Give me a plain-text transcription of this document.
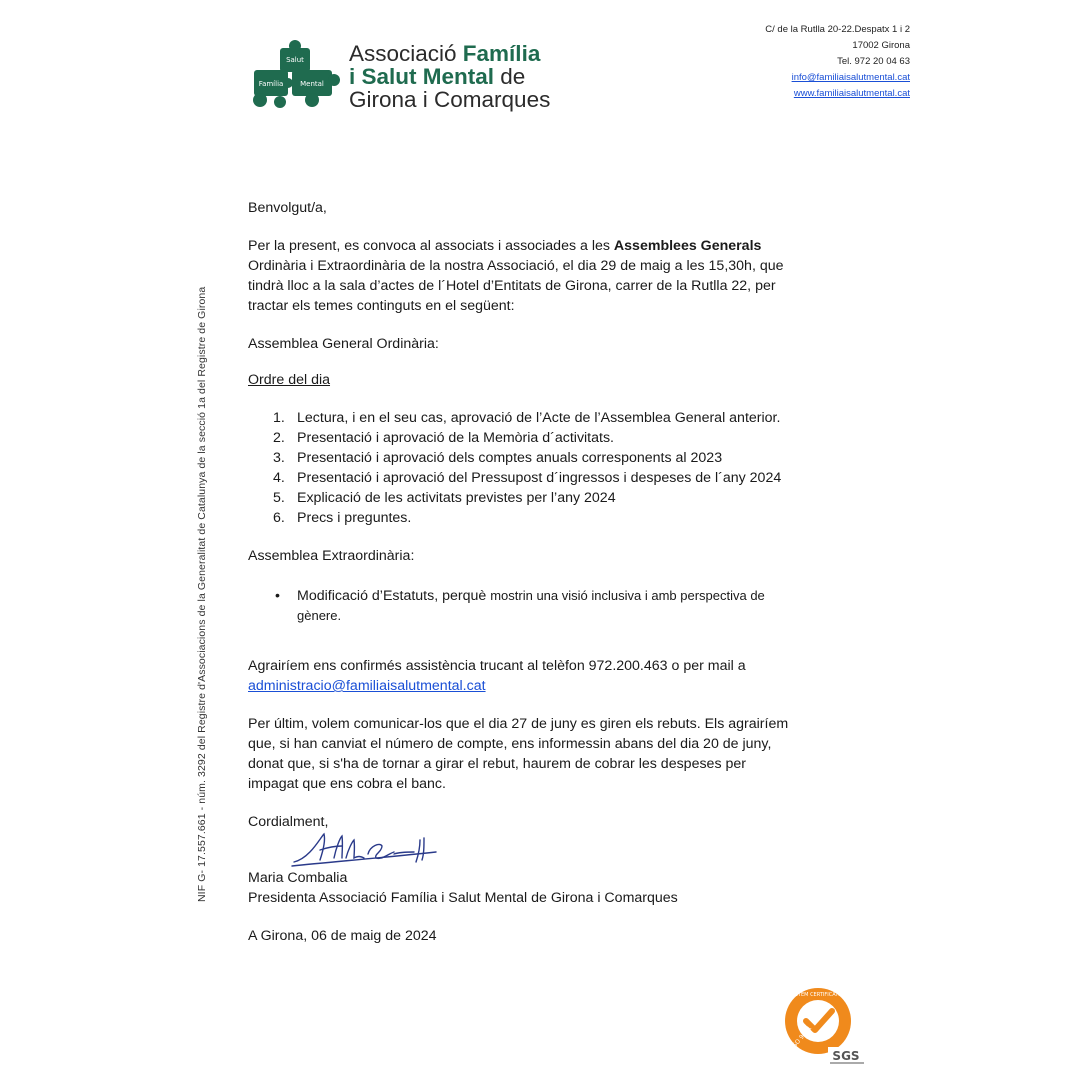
Salut
Família Mental
Associació Família
i Salut Mental de
Girona i Comarques
C/ de la Rutlla 20-22.Despatx 1 i 2
17002 Girona
Tel. 972 20 04 63
info@familiaisalutmental.cat
www.familiaisalutmental.cat
NIF G- 17.557.661 - núm. 3292 del Registre d'Associacions de la Generalitat de Catalunya de la secció 1a del Registre de Girona

Benvolgut/a,

Per la present, es convoca al associats i associades a les Assemblees Generals
Ordinària i Extraordinària de la nostra Associació, el dia 29 de maig a les 15,30h, que
tindrà lloc a la sala d’actes de l´Hotel d’Entitats de Girona, carrer de la Rutlla 22, per
tractar els temes continguts en el següent:

Assemblea General Ordinària:

Ordre del dia

1. Lectura, i en el seu cas, aprovació de l’Acte de l’Assemblea General anterior.
2. Presentació i aprovació de la Memòria d´activitats.
3. Presentació i aprovació dels comptes anuals corresponents al 2023
4. Presentació i aprovació del Pressupost d´ingressos i despeses de l´any 2024
5. Explicació de les activitats previstes per l’any 2024
6. Precs i preguntes.

Assemblea Extraordinària:

• Modificació d’Estatuts, perquè mostrin una visió inclusiva i amb perspectiva de
gènere.

Agrairíem ens confirmés assistència trucant al telèfon 972.200.463 o per mail a
administracio@familiaisalutmental.cat

Per últim, volem comunicar-los que el dia 27 de juny es giren els rebuts. Els agrairíem
que, si han canviat el número de compte, ens informessin abans del dia 20 de juny,
donat que, si s'ha de tornar a girar el rebut, haurem de cobrar les despeses per
impagat que ens cobra el banc.

Cordialment,

Maria Combalia
Presidenta Associació Família i Salut Mental de Girona i Comarques

A Girona, 06 de maig de 2024

SYSTEM CERTIFICATION
ISO 9001
SGS
